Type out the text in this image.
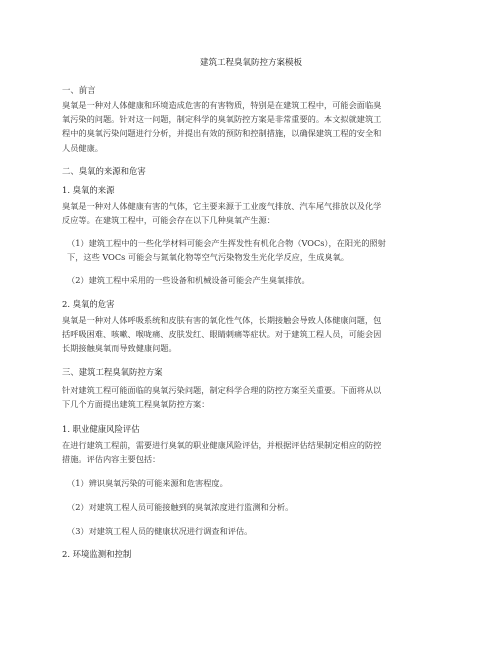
建筑工程臭氧防控方案模板
一、前言
臭氧是一种对人体健康和环境造成危害的有害物质，特别是在建筑工程中，可能会面临臭
氧污染的问题。针对这一问题，制定科学的臭氧防控方案是非常重要的。本文拟就建筑工
程中的臭氧污染问题进行分析，并提出有效的预防和控制措施，以确保建筑工程的安全和
人员健康。
二、臭氧的来源和危害
1. 臭氧的来源
臭氧是一种对人体健康有害的气体，它主要来源于工业废气排放、汽车尾气排放以及化学
反应等。在建筑工程中，可能会存在以下几种臭氧产生源：
（1）建筑工程中的一些化学材料可能会产生挥发性有机化合物（VOCs），在阳光的照射
下，这些 VOCs 可能会与氮氧化物等空气污染物发生光化学反应，生成臭氧。
（2）建筑工程中采用的一些设备和机械设备可能会产生臭氧排放。
2. 臭氧的危害
臭氧是一种对人体呼吸系统和皮肤有害的氧化性气体，长期接触会导致人体健康问题，包
括呼吸困难、咳嗽、喉咙痛、皮肤发红、眼睛刺痛等症状。对于建筑工程人员，可能会因
长期接触臭氧而导致健康问题。
三、建筑工程臭氧防控方案
针对建筑工程可能面临的臭氧污染问题，制定科学合理的防控方案至关重要。下面将从以
下几个方面提出建筑工程臭氧防控方案：
1. 职业健康风险评估
在进行建筑工程前，需要进行臭氧的职业健康风险评估，并根据评估结果制定相应的防控
措施。评估内容主要包括：
（1）辨识臭氧污染的可能来源和危害程度。
（2）对建筑工程人员可能接触到的臭氧浓度进行监测和分析。
（3）对建筑工程人员的健康状况进行调查和评估。
2. 环境监测和控制
